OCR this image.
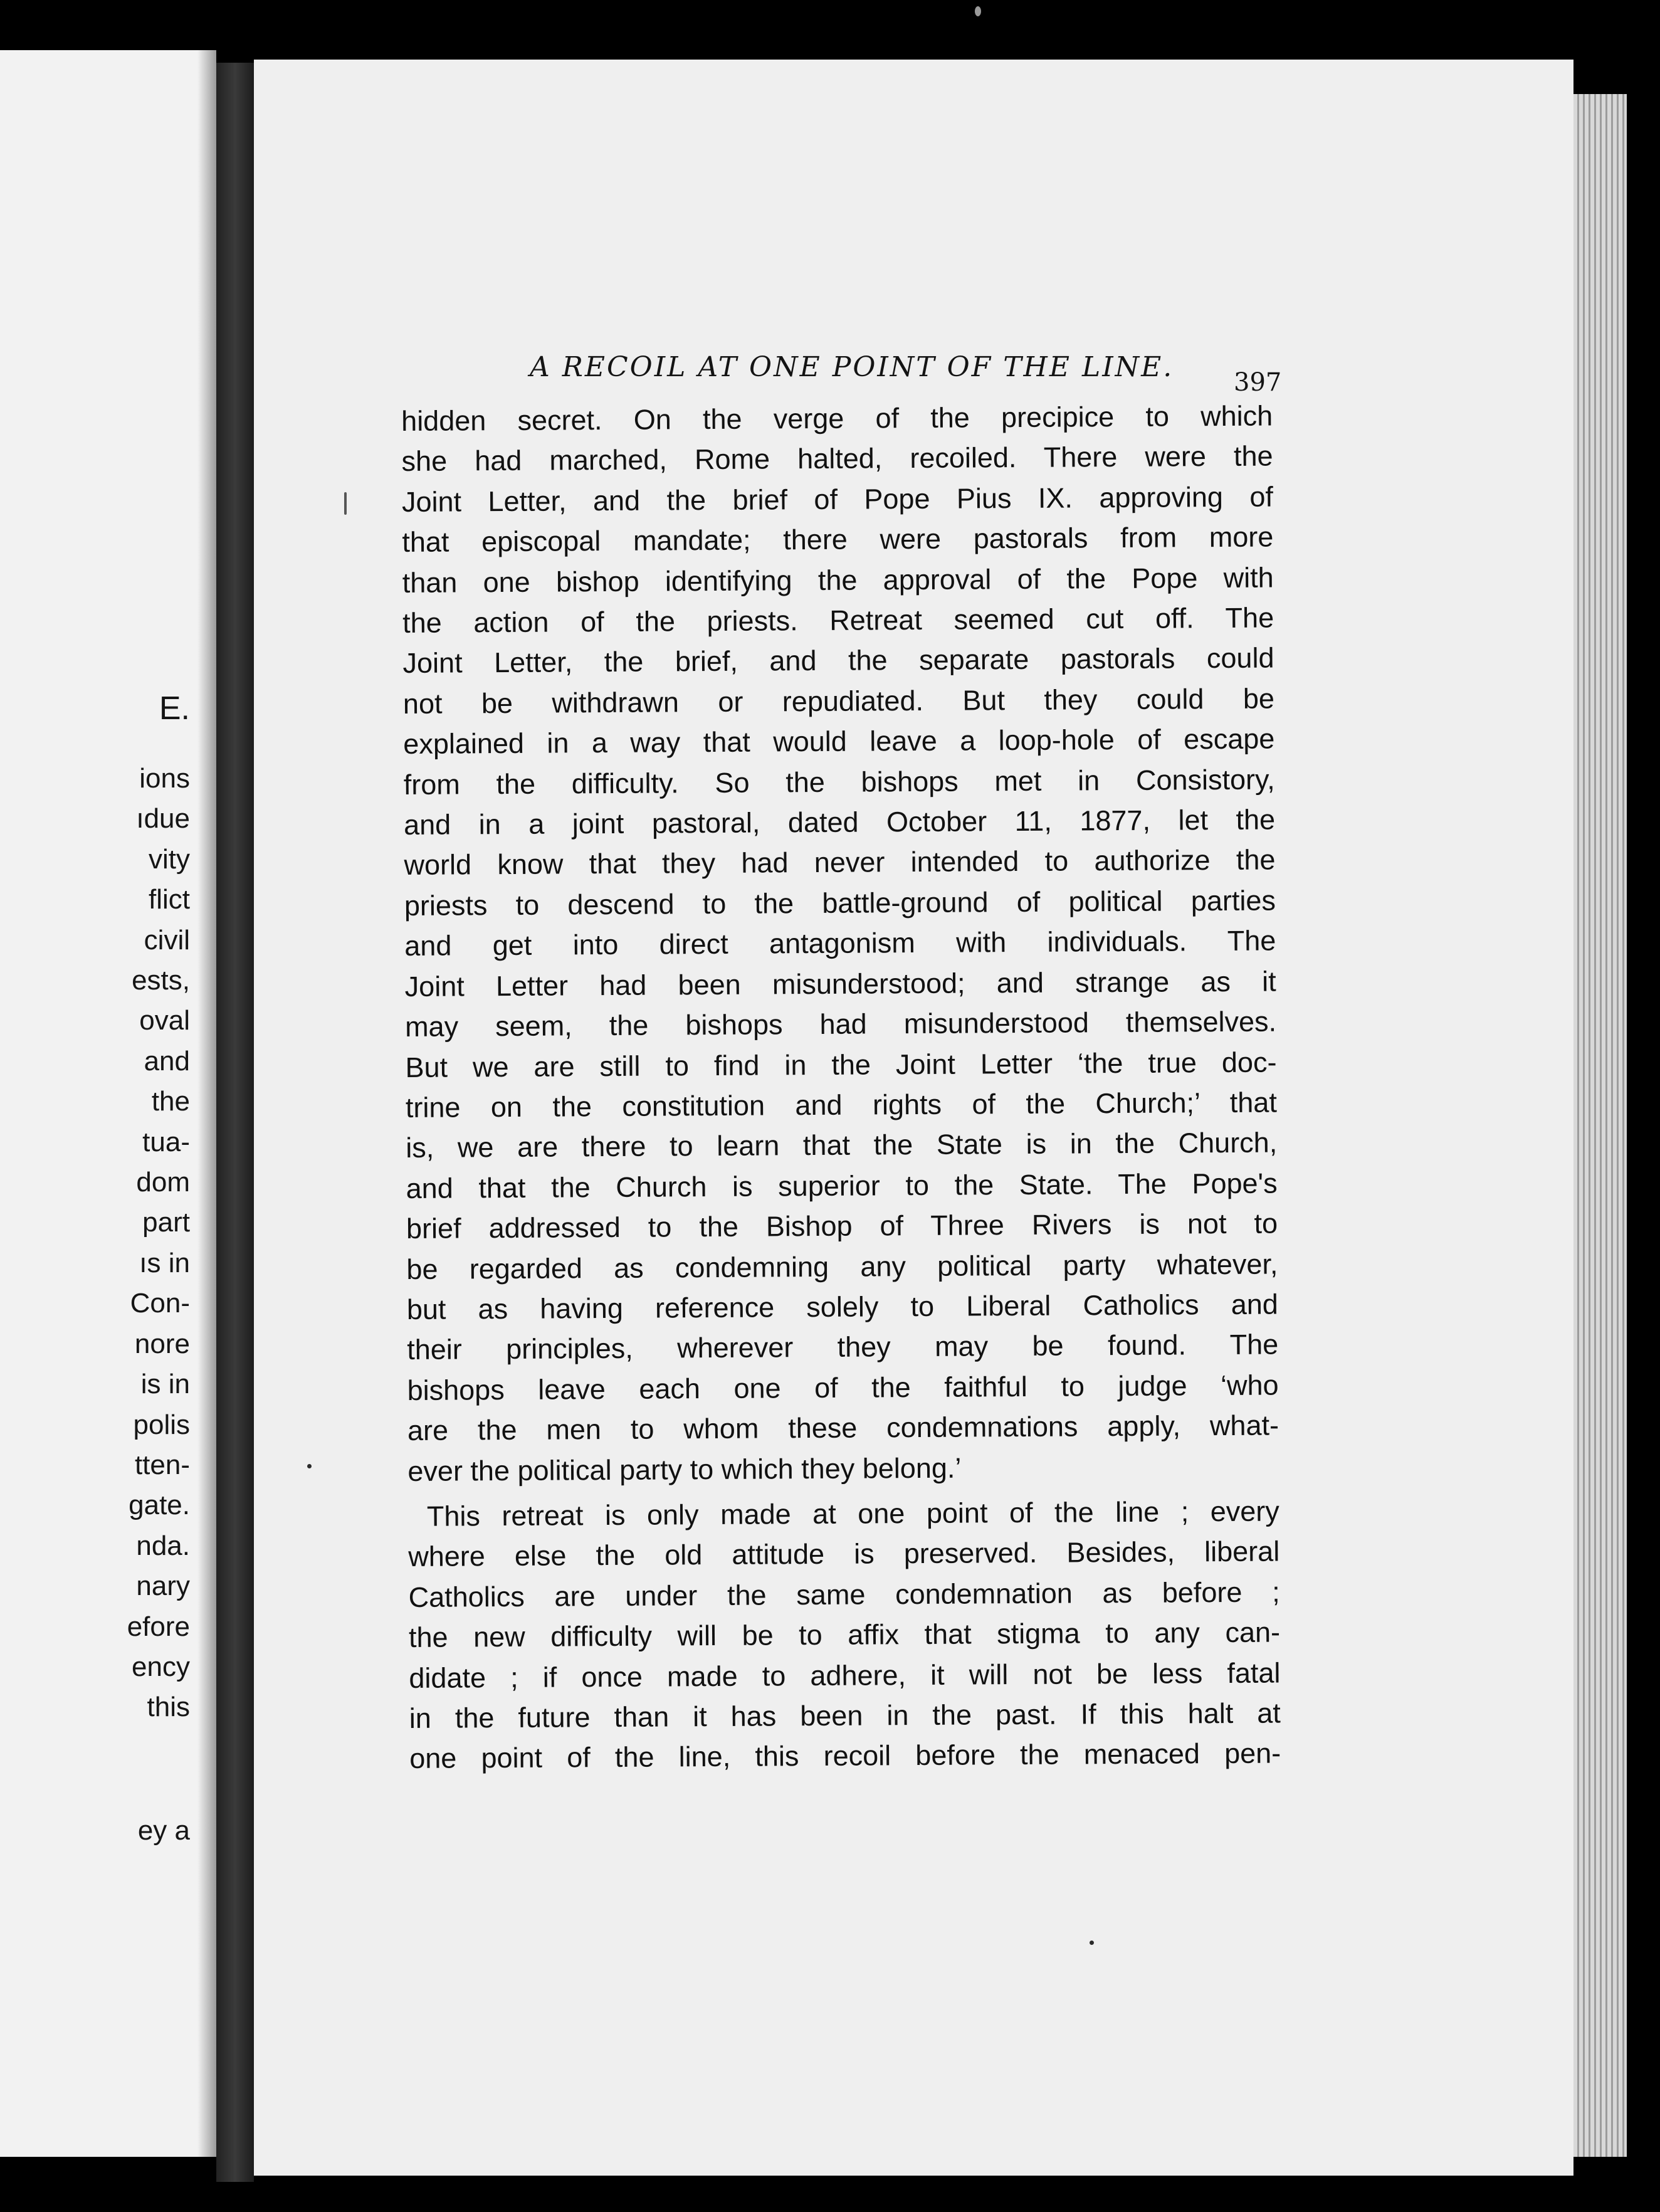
E.
ions
ıdue
vity
flict
civil
ests,
oval
and
the
tua-
dom
part
ıs in
Con-
nore
is in
polis
tten-
gate.
nda.
nary
efore
ency
this
ey a
A RECOIL AT ONE POINT OF THE LINE. 397

hidden secret. On the verge of the precipice to which
she had marched, Rome halted, recoiled. There were the
Joint Letter, and the brief of Pope Pius IX. approving of
that episcopal mandate; there were pastorals from more
than one bishop identifying the approval of the Pope with
the action of the priests. Retreat seemed cut off. The
Joint Letter, the brief, and the separate pastorals could
not be withdrawn or repudiated. But they could be
explained in a way that would leave a loop-hole of escape
from the difficulty. So the bishops met in Consistory,
and in a joint pastoral, dated October 11, 1877, let the
world know that they had never intended to authorize the
priests to descend to the battle-ground of political parties
and get into direct antagonism with individuals. The
Joint Letter had been misunderstood; and strange as it
may seem, the bishops had misunderstood themselves.
But we are still to find in the Joint Letter ‘the true doc-
trine on the constitution and rights of the Church;’ that
is, we are there to learn that the State is in the Church,
and that the Church is superior to the State. The Pope's
brief addressed to the Bishop of Three Rivers is not to
be regarded as condemning any political party whatever,
but as having reference solely to Liberal Catholics and
their principles, wherever they may be found. The
bishops leave each one of the faithful to judge ‘who
are the men to whom these condemnations apply, what-
ever the political party to which they belong.’

This retreat is only made at one point of the line ; every
where else the old attitude is preserved. Besides, liberal
Catholics are under the same condemnation as before ;
the new difficulty will be to affix that stigma to any can-
didate ; if once made to adhere, it will not be less fatal
in the future than it has been in the past. If this halt at
one point of the line, this recoil before the menaced pen-
